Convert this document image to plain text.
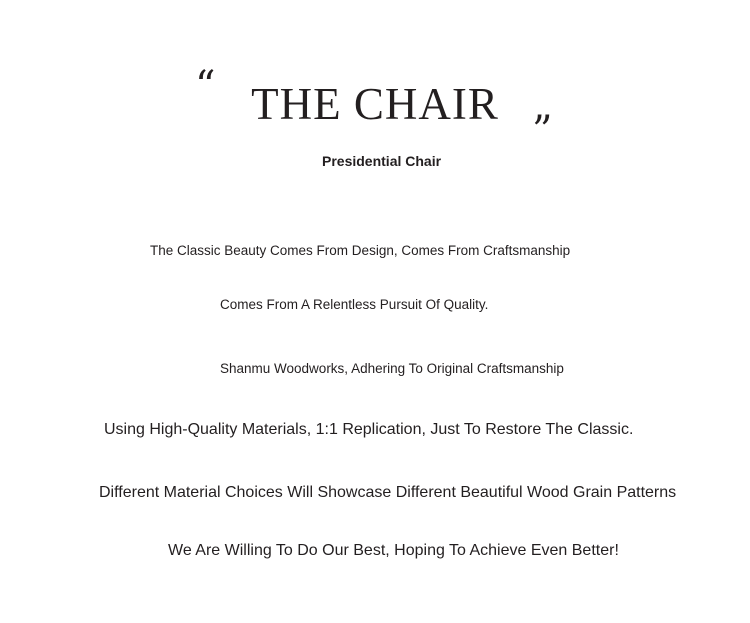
“ THE CHAIR
”
Presidential Chair
The Classic Beauty Comes From Design, Comes From Craftsmanship
Comes From A Relentless Pursuit Of Quality.
Shanmu Woodworks, Adhering To Original Craftsmanship
Using High-Quality Materials, 1:1 Replication, Just To Restore The Classic.
Different Material Choices Will Showcase Different Beautiful Wood Grain Patterns
We Are Willing To Do Our Best, Hoping To Achieve Even Better!
